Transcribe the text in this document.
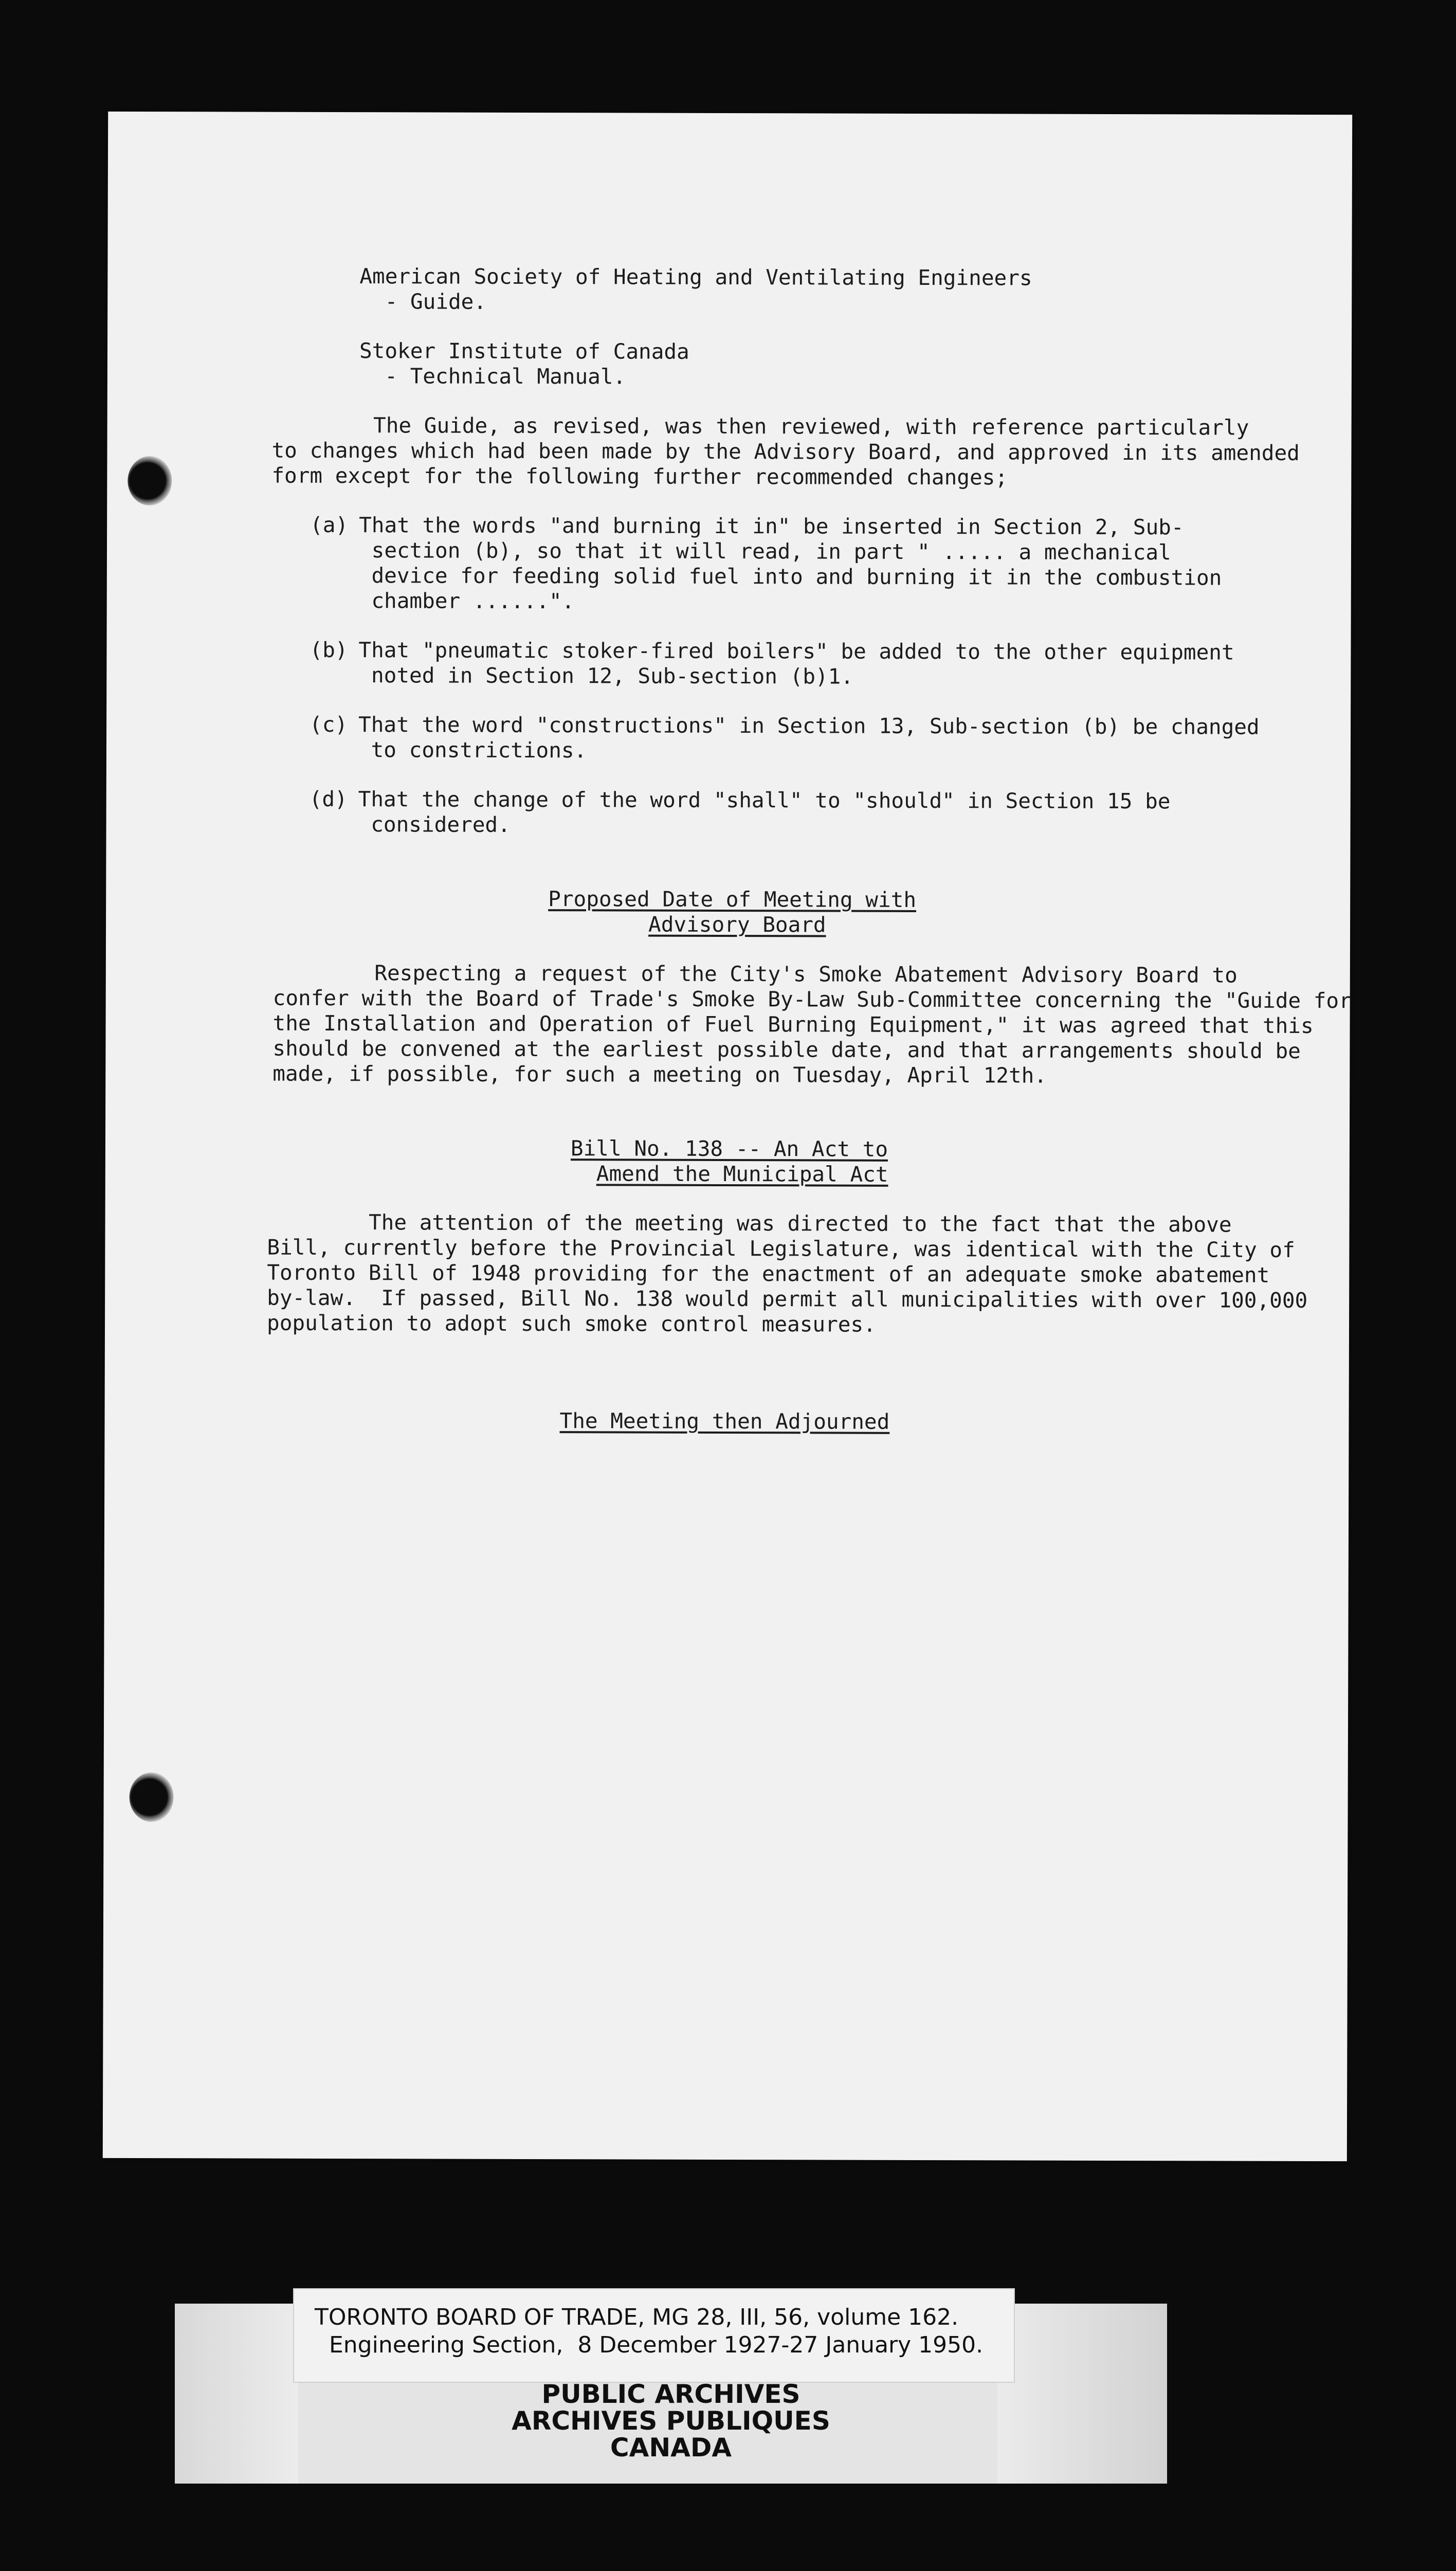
American Society of Heating and Ventilating Engineers
- Guide.
Stoker Institute of Canada
- Technical Manual.
The Guide, as revised, was then reviewed, with reference particularly
to changes which had been made by the Advisory Board, and approved in its amended
form except for the following further recommended changes;
(a) That the words "and burning it in" be inserted in Section 2, Sub-
section (b), so that it will read, in part " ..... a mechanical
device for feeding solid fuel into and burning it in the combustion
chamber ......".
(b) That "pneumatic stoker-fired boilers" be added to the other equipment
noted in Section 12, Sub-section (b)1.
(c) That the word "constructions" in Section 13, Sub-section (b) be changed
to constrictions.
(d) That the change of the word "shall" to "should" in Section 15 be
considered.
Proposed Date of Meeting with
Advisory Board
Respecting a request of the City's Smoke Abatement Advisory Board to
confer with the Board of Trade's Smoke By-Law Sub-Committee concerning the "Guide for
the Installation and Operation of Fuel Burning Equipment," it was agreed that this
should be convened at the earliest possible date, and that arrangements should be
made, if possible, for such a meeting on Tuesday, April 12th.
Bill No. 138 -- An Act to
Amend the Municipal Act
The attention of the meeting was directed to the fact that the above
Bill, currently before the Provincial Legislature, was identical with the City of
Toronto Bill of 1948 providing for the enactment of an adequate smoke abatement
by-law.  If passed, Bill No. 138 would permit all municipalities with over 100,000
population to adopt such smoke control measures.
The Meeting then Adjourned
TORONTO BOARD OF TRADE, MG 28, III, 56, volume 162.
Engineering Section,  8 December 1927-27 January 1950.
PUBLIC ARCHIVES
ARCHIVES PUBLIQUES
CANADA
